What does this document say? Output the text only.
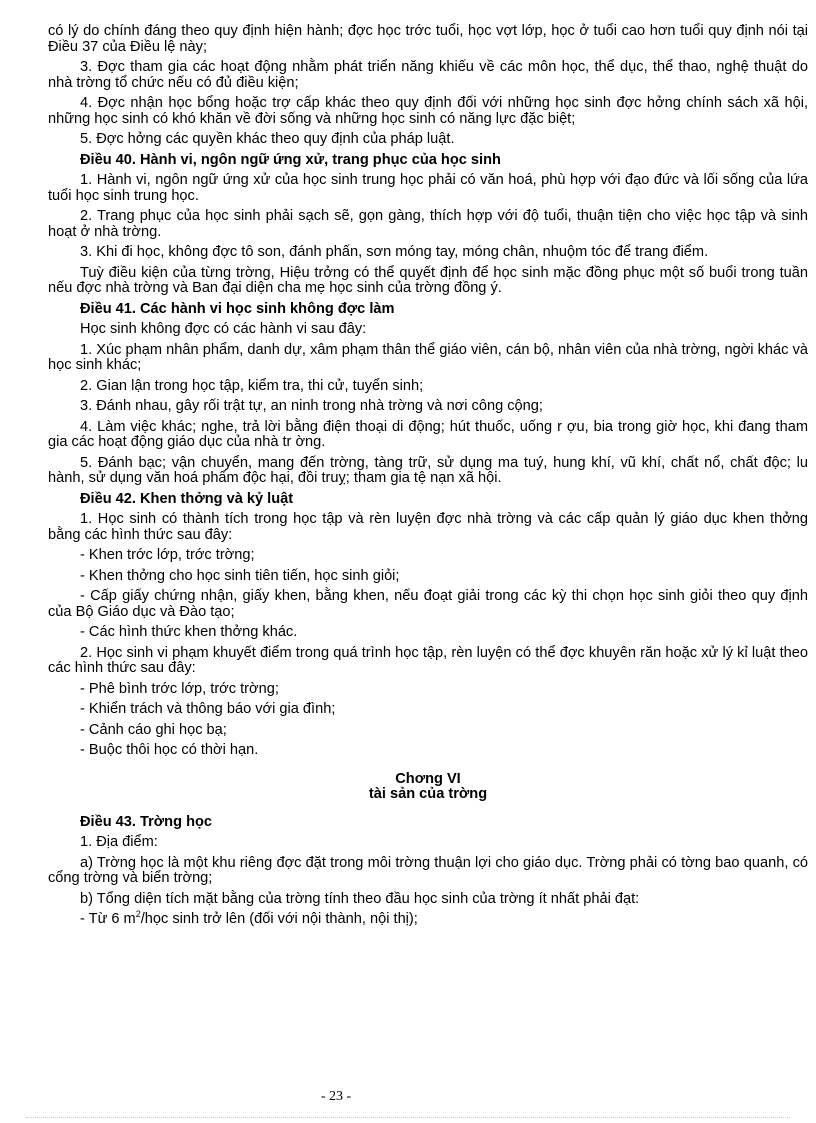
có lý do chính đáng theo quy định hiện hành; đợc học trớc tuổi, học vợt lớp, học ở tuổi cao hơn tuổi quy định nói tại Điều 37 của Điều lệ này;

3. Đợc tham gia các hoạt động nhằm phát triển năng khiếu về các môn học, thể dục, thể thao, nghệ thuật do nhà trờng tổ chức nếu có đủ điều kiện;

4. Đợc nhận học bổng hoặc trợ cấp khác theo quy định đối với những học sinh đợc hởng chính sách xã hội, những học sinh có khó khăn về đời sống và những học sinh có năng lực đặc biệt;

5. Đợc hởng các quyền khác theo quy định của pháp luật.

Điều 40. Hành vi, ngôn ngữ ứng xử, trang phục của học sinh

1. Hành vi, ngôn ngữ ứng xử của học sinh trung học phải có văn hoá, phù hợp với đạo đức và lối sống của lứa tuổi học sinh trung học.

2. Trang phục của học sinh phải sạch sẽ, gọn gàng, thích hợp với độ tuổi, thuận tiện cho việc học tập và sinh hoạt ở nhà trờng.

3. Khi đi học, không đợc tô son, đánh phấn, sơn móng tay, móng chân, nhuộm tóc để trang điểm.

Tuỳ điều kiện của từng trờng, Hiệu trởng có thể quyết định để học sinh mặc đồng phục một số buổi trong tuần nếu đợc nhà trờng và Ban đại diện cha mẹ học sinh của trờng đồng ý.

Điều 41. Các hành vi học sinh không đợc làm

Học sinh không đợc có các hành vi sau đây:

1. Xúc phạm nhân phẩm, danh dự, xâm phạm thân thể giáo viên, cán bộ, nhân viên của nhà trờng, ngời khác và học sinh khác;

2. Gian lận trong học tập, kiểm tra, thi cử, tuyển sinh;

3. Đánh nhau, gây rối trật tự, an ninh trong nhà trờng và nơi công cộng;

4. Làm việc khác; nghe, trả lời bằng điện thoại di động; hút thuốc, uống r ợu, bia trong giờ học, khi đang tham gia các hoạt động giáo dục của nhà tr ờng.

5. Đánh bạc; vận chuyển, mang đến trờng, tàng trữ, sử dụng ma tuý, hung khí, vũ khí, chất nổ, chất độc; lu hành, sử dụng văn hoá phẩm độc hại, đồi truỵ; tham gia tệ nạn xã hội.

Điều 42. Khen thởng và kỷ luật

1. Học sinh có thành tích trong học tập và rèn luyện đợc nhà trờng và các cấp quản lý giáo dục khen thởng bằng các hình thức sau đây:

- Khen trớc lớp, trớc trờng;

- Khen thởng cho học sinh tiên tiến, học sinh giỏi;

- Cấp giấy chứng nhận, giấy khen, bằng khen, nếu đoạt giải trong các kỳ thi chọn học sinh giỏi theo quy định của Bộ Giáo dục và Đào tạo;

- Các hình thức khen thởng khác.

2. Học sinh vi phạm khuyết điểm trong quá trình học tập, rèn luyện có thể đợc khuyên răn hoặc xử lý kỉ luật theo các hình thức sau đây:

- Phê bình trớc lớp, trớc trờng;

- Khiển trách và thông báo với gia đình;

- Cảnh cáo ghi học bạ;

- Buộc thôi học có thời hạn.

Chơng VI

tài sản của trờng

Điều 43. Trờng học

1. Địa điểm:

a) Trờng học là một khu riêng đợc đặt trong môi trờng thuận lợi cho giáo dục. Trờng phải có tờng bao quanh, có cổng trờng và biển trờng;

b) Tổng diện tích mặt bằng của trờng tính theo đầu học sinh của trờng ít nhất phải đạt:

- Từ 6 $m^2$/học sinh trở lên (đối với nội thành, nội thị);

- 23 -
